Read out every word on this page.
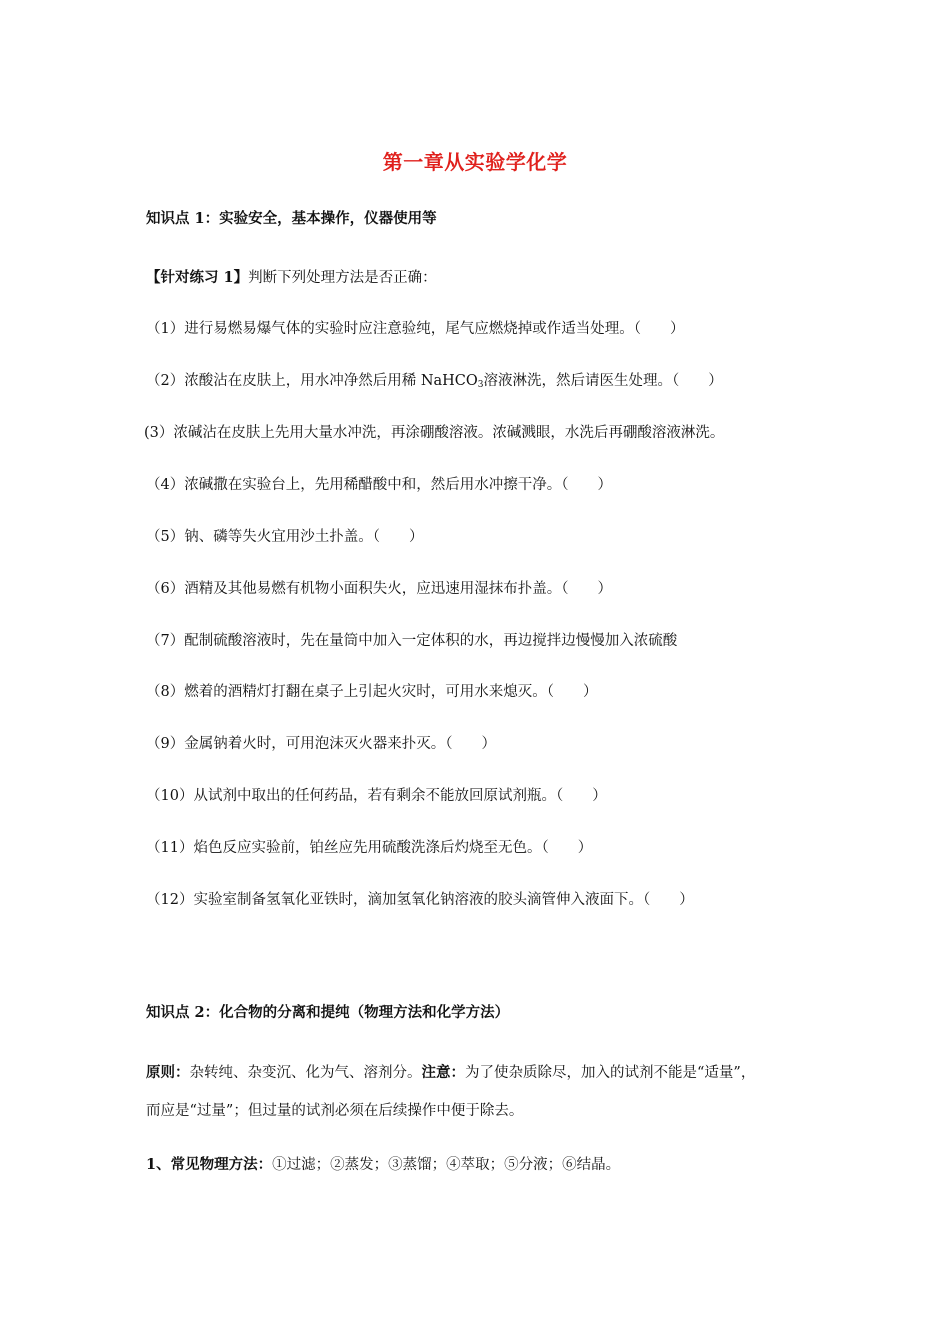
第一章从实验学化学
知识点 1：实验安全，基本操作，仪器使用等
【针对练习 1】判断下列处理方法是否正确：
（1）进行易燃易爆气体的实验时应注意验纯，尾气应燃烧掉或作适当处理。（　　）
（2）浓酸沾在皮肤上，用水冲净然后用稀 NaHCO$_3$溶液淋洗，然后请医生处理。（　　）
(3）浓碱沾在皮肤上先用大量水冲洗，再涂硼酸溶液。浓碱溅眼，水洗后再硼酸溶液淋洗。
（4）浓碱撒在实验台上，先用稀醋酸中和，然后用水冲擦干净。（　　）
（5）钠、磷等失火宜用沙土扑盖。（　　）
（6）酒精及其他易燃有机物小面积失火，应迅速用湿抹布扑盖。（　　）
（7）配制硫酸溶液时，先在量筒中加入一定体积的水，再边搅拌边慢慢加入浓硫酸
（8）燃着的酒精灯打翻在桌子上引起火灾时，可用水来熄灭。（　　）
（9）金属钠着火时，可用泡沫灭火器来扑灭。（　　）
（10）从试剂中取出的任何药品，若有剩余不能放回原试剂瓶。（　　）
（11）焰色反应实验前，铂丝应先用硫酸洗涤后灼烧至无色。（　　）
（12）实验室制备氢氧化亚铁时，滴加氢氧化钠溶液的胶头滴管伸入液面下。（　　）
知识点 2：化合物的分离和提纯（物理方法和化学方法）
原则：杂转纯、杂变沉、化为气、溶剂分。注意：为了使杂质除尽，加入的试剂不能是“适量”，
而应是“过量”；但过量的试剂必须在后续操作中便于除去。
1、常见物理方法：①过滤；②蒸发；③蒸馏；④萃取；⑤分液；⑥结晶。
